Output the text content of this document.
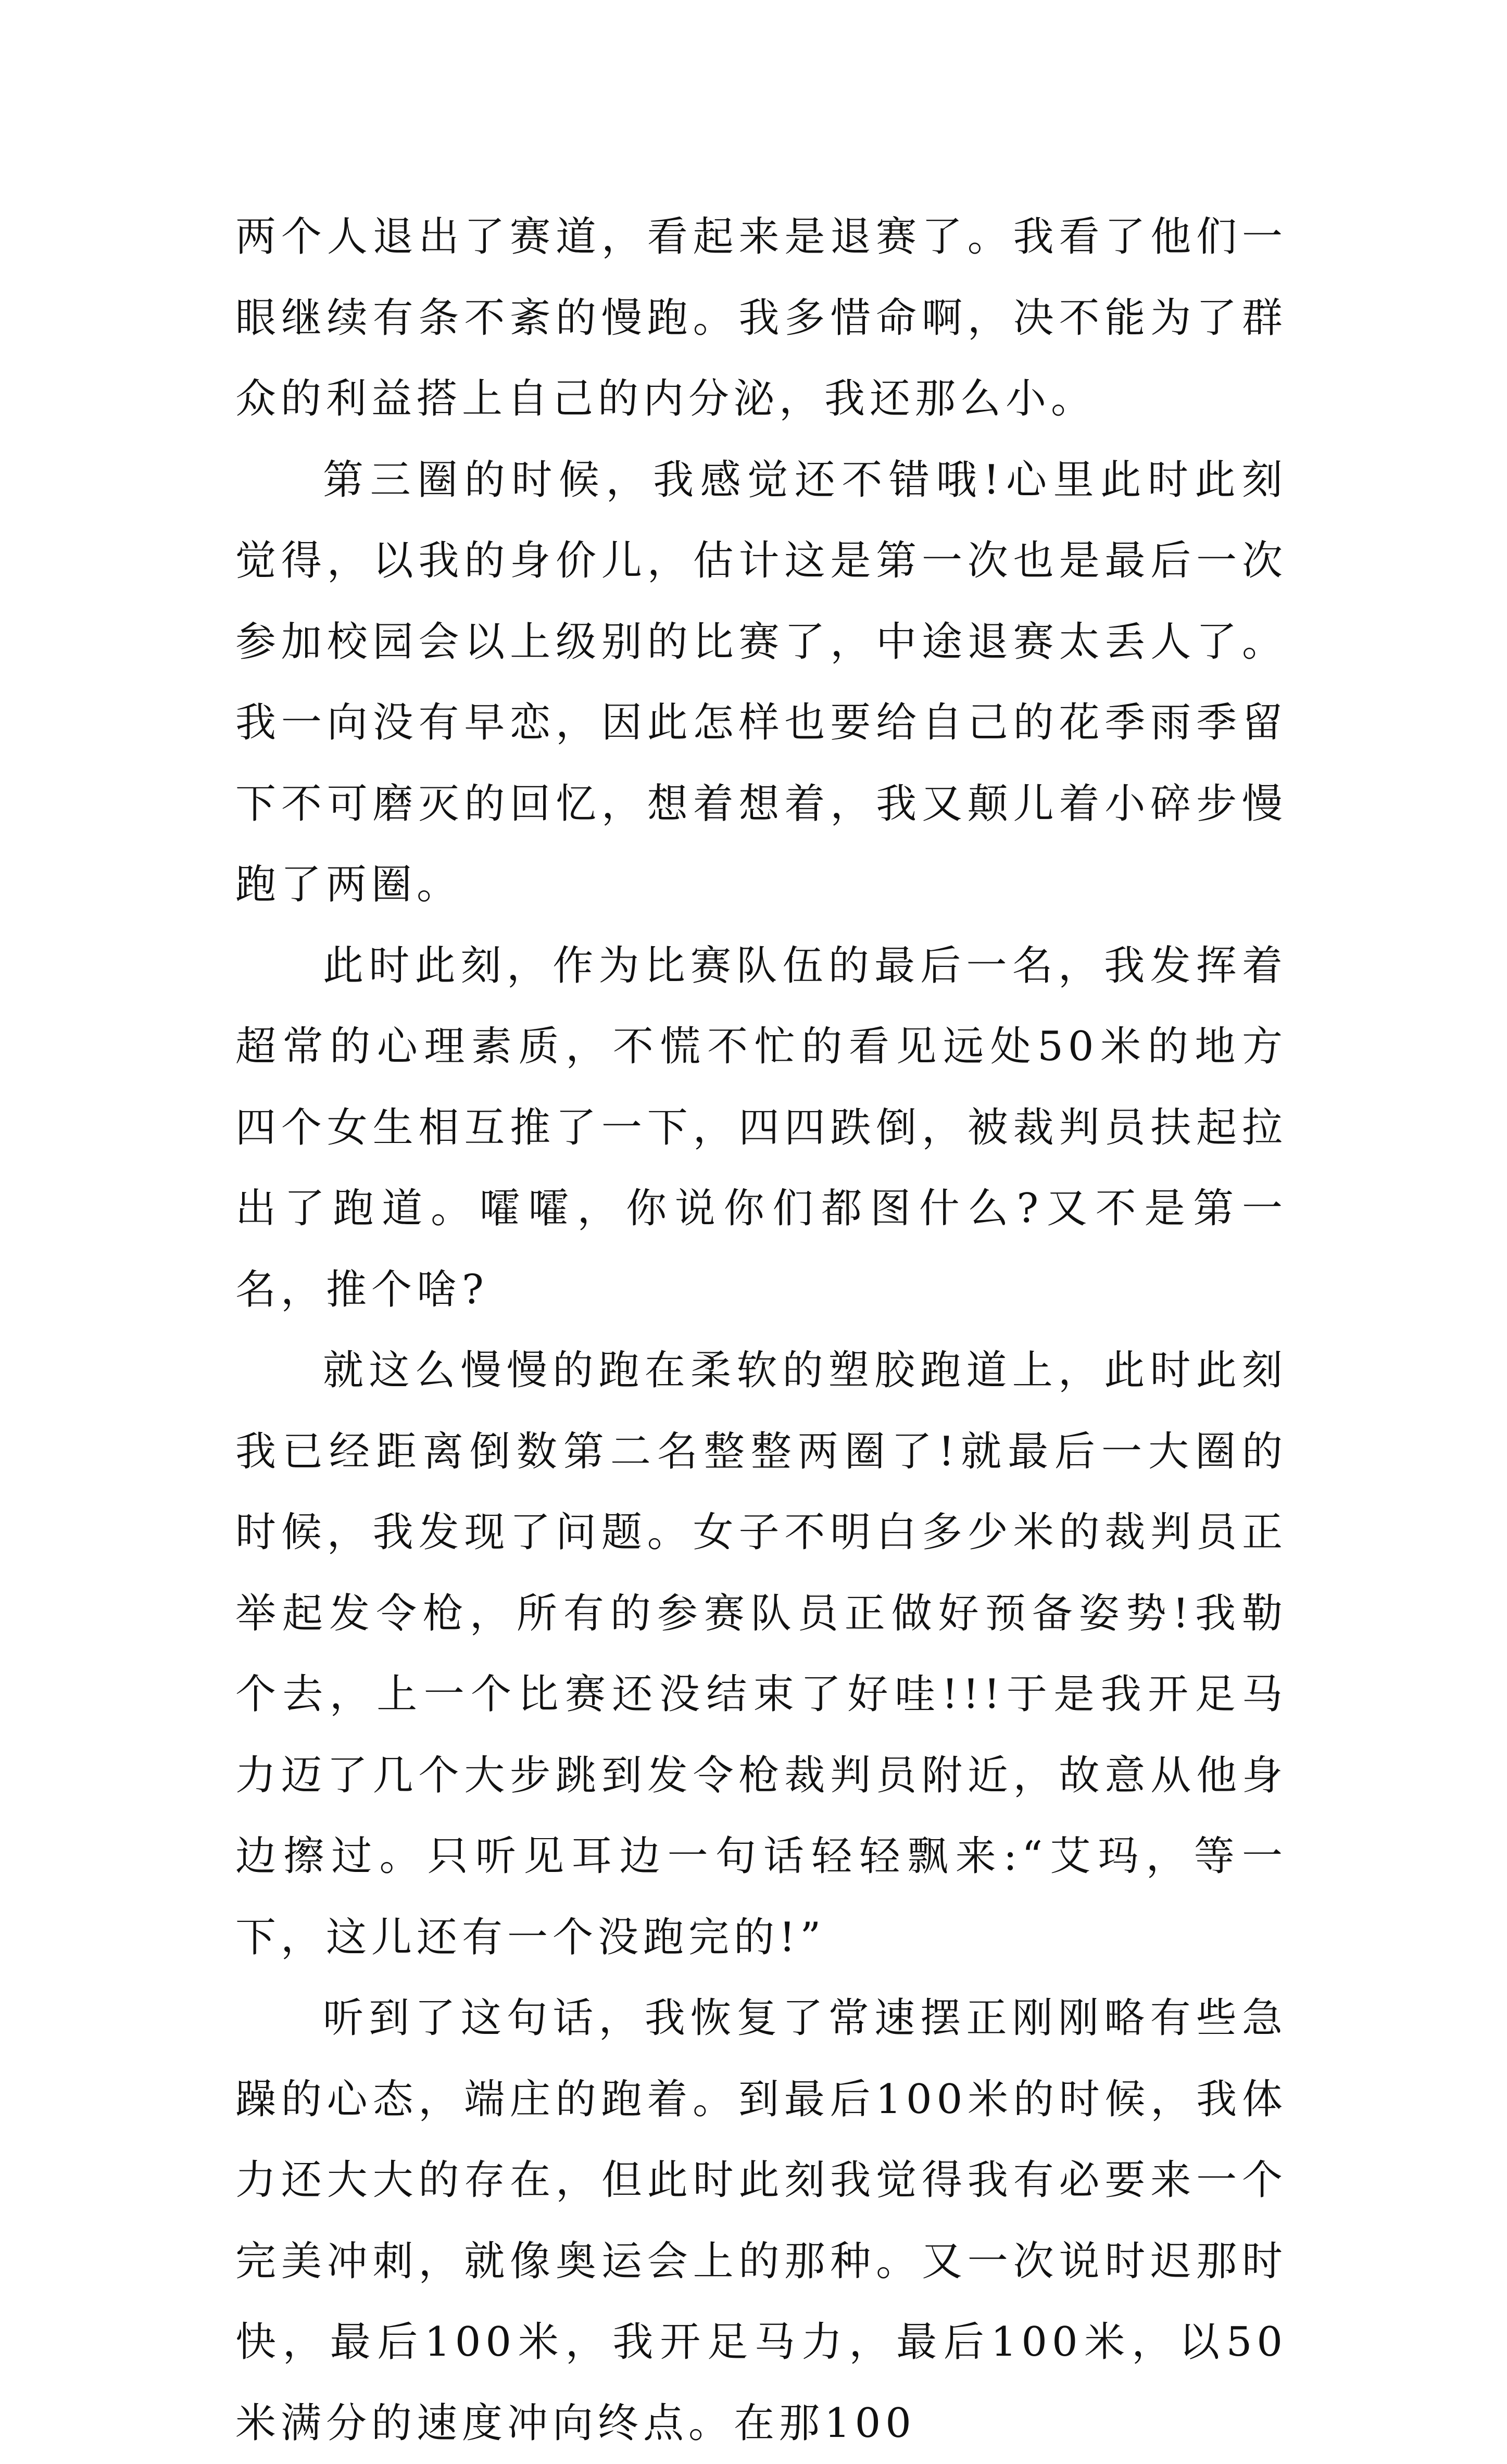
两个人退出了赛道，看起来是退赛了。我看了他们一眼继续有条不紊的慢跑。我多惜命啊，决不能为了群众的利益搭上自己的内分泌，我还那么小。

第三圈的时候，我感觉还不错哦!心里此时此刻觉得，以我的身价儿，估计这是第一次也是最后一次参加校园会以上级别的比赛了，中途退赛太丢人了。我一向没有早恋，因此怎样也要给自己的花季雨季留下不可磨灭的回忆，想着想着，我又颠儿着小碎步慢跑了两圈。

此时此刻，作为比赛队伍的最后一名，我发挥着超常的心理素质，不慌不忙的看见远处50米的地方四个女生相互推了一下，四四跌倒，被裁判员扶起拉出了跑道。嚯嚯，你说你们都图什么?又不是第一名，推个啥?

就这么慢慢的跑在柔软的塑胶跑道上，此时此刻我已经距离倒数第二名整整两圈了!就最后一大圈的时候，我发现了问题。女子不明白多少米的裁判员正举起发令枪，所有的参赛队员正做好预备姿势!我勒个去，上一个比赛还没结束了好哇!!!于是我开足马力迈了几个大步跳到发令枪裁判员附近，故意从他身边擦过。只听见耳边一句话轻轻飘来:“艾玛，等一下，这儿还有一个没跑完的!”

听到了这句话，我恢复了常速摆正刚刚略有些急躁的心态，端庄的跑着。到最后100米的时候，我体力还大大的存在，但此时此刻我觉得我有必要来一个完美冲刺，就像奥运会上的那种。又一次说时迟那时快，最后100米，我开足马力，最后100米，以50米满分的速度冲向终点。在那100
